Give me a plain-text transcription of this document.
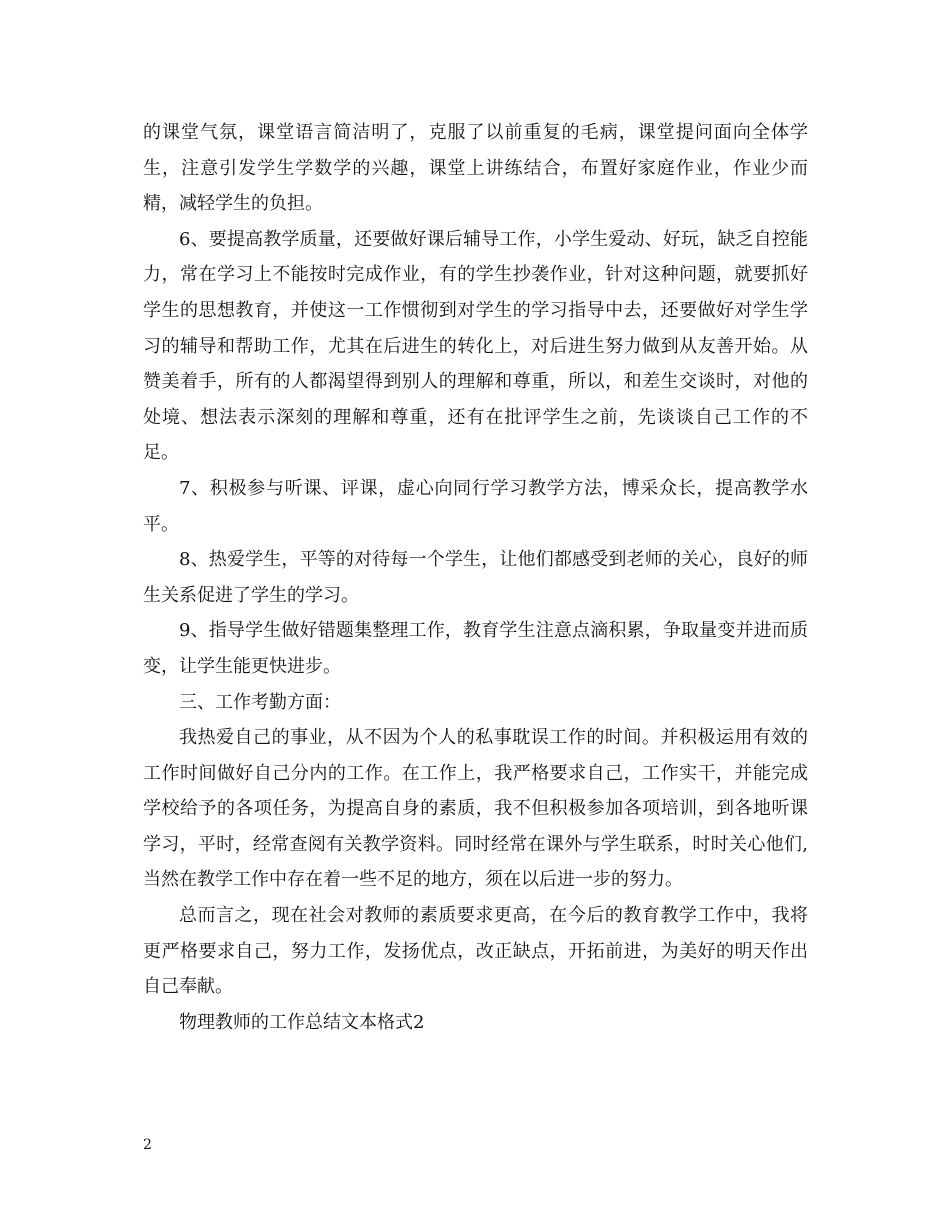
的课堂气氛，课堂语言简洁明了，克服了以前重复的毛病，课堂提问面向全体学生，注意引发学生学数学的兴趣，课堂上讲练结合，布置好家庭作业，作业少而精，减轻学生的负担。

6、要提高教学质量，还要做好课后辅导工作，小学生爱动、好玩，缺乏自控能力，常在学习上不能按时完成作业，有的学生抄袭作业，针对这种问题，就要抓好学生的思想教育，并使这一工作惯彻到对学生的学习指导中去，还要做好对学生学习的辅导和帮助工作，尤其在后进生的转化上，对后进生努力做到从友善开始。从赞美着手，所有的人都渴望得到别人的理解和尊重，所以，和差生交谈时，对他的处境、想法表示深刻的理解和尊重，还有在批评学生之前，先谈谈自己工作的不足。

7、积极参与听课、评课，虚心向同行学习教学方法，博采众长，提高教学水平。

8、热爱学生，平等的对待每一个学生，让他们都感受到老师的关心，良好的师生关系促进了学生的学习。

9、指导学生做好错题集整理工作，教育学生注意点滴积累，争取量变并进而质变，让学生能更快进步。

三、工作考勤方面：

我热爱自己的事业，从不因为个人的私事耽误工作的时间。并积极运用有效的工作时间做好自己分内的工作。在工作上，我严格要求自己，工作实干，并能完成学校给予的各项任务，为提高自身的素质，我不但积极参加各项培训，到各地听课学习，平时，经常查阅有关教学资料。同时经常在课外与学生联系，时时关心他们,当然在教学工作中存在着一些不足的地方，须在以后进一步的努力。

总而言之，现在社会对教师的素质要求更高，在今后的教育教学工作中，我将更严格要求自己，努力工作，发扬优点，改正缺点，开拓前进，为美好的明天作出自己奉献。

物理教师的工作总结文本格式2

2
